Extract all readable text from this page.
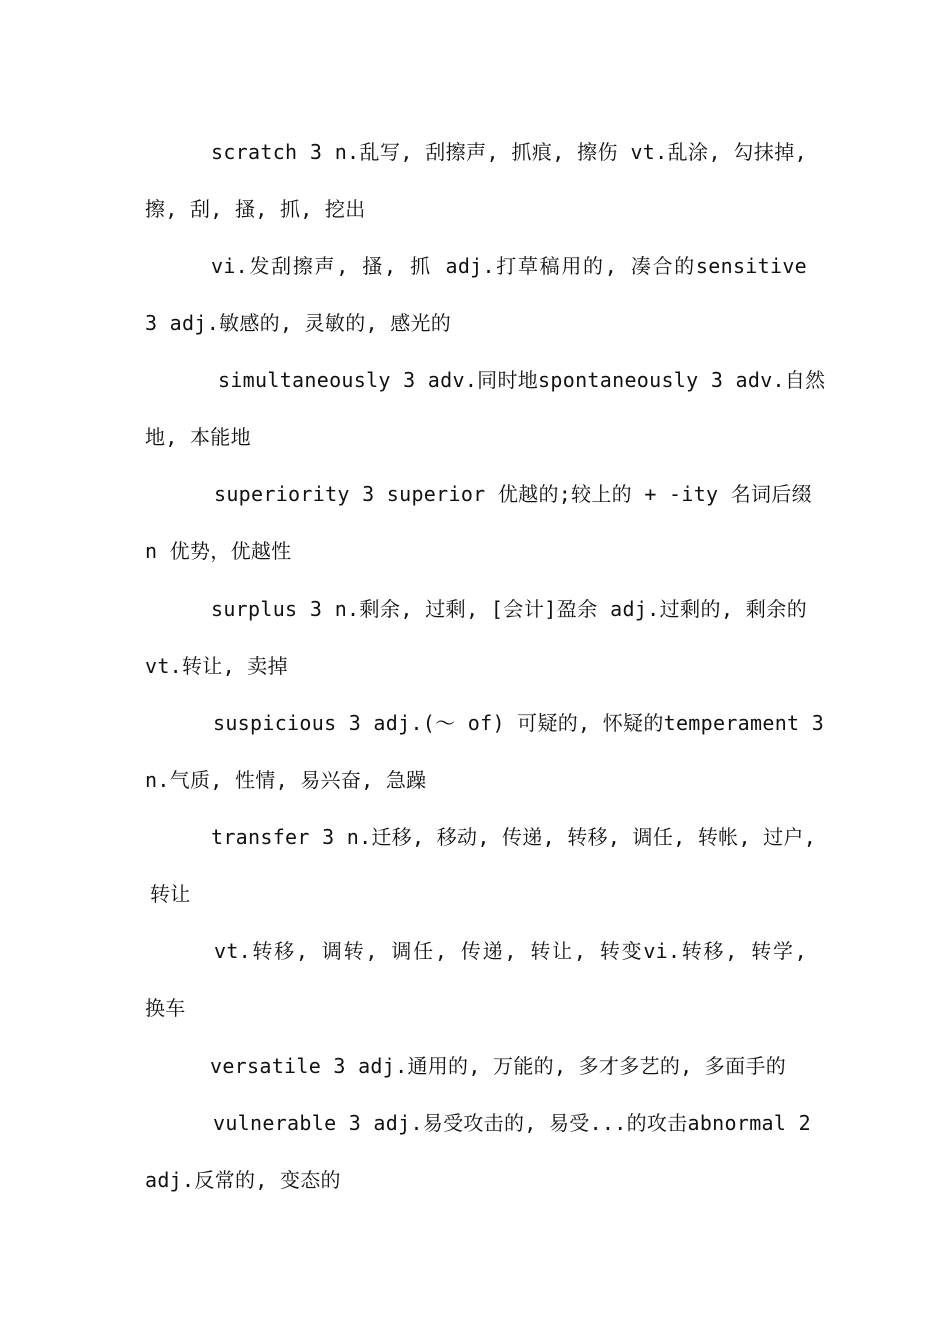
scratch 3 n.乱写, 刮擦声, 抓痕, 擦伤 vt.乱涂, 勾抹掉,
擦, 刮, 搔, 抓, 挖出
vi.发刮擦声, 搔, 抓 adj.打草稿用的, 凑合的sensitive
3 adj.敏感的, 灵敏的, 感光的
simultaneously 3 adv.同时地spontaneously 3 adv.自然
地, 本能地
superiority 3 superior 优越的;较上的 + -ity 名词后缀
n 优势，优越性
surplus 3 n.剩余, 过剩, [会计]盈余 adj.过剩的, 剩余的
vt.转让, 卖掉
suspicious 3 adj.(～ of) 可疑的, 怀疑的temperament 3
n.气质, 性情, 易兴奋, 急躁
transfer 3 n.迁移, 移动, 传递, 转移, 调任, 转帐, 过户,
转让
vt.转移, 调转, 调任, 传递, 转让, 转变vi.转移, 转学,
换车
versatile 3 adj.通用的, 万能的, 多才多艺的, 多面手的
vulnerable 3 adj.易受攻击的, 易受...的攻击abnormal 2
adj.反常的, 变态的
